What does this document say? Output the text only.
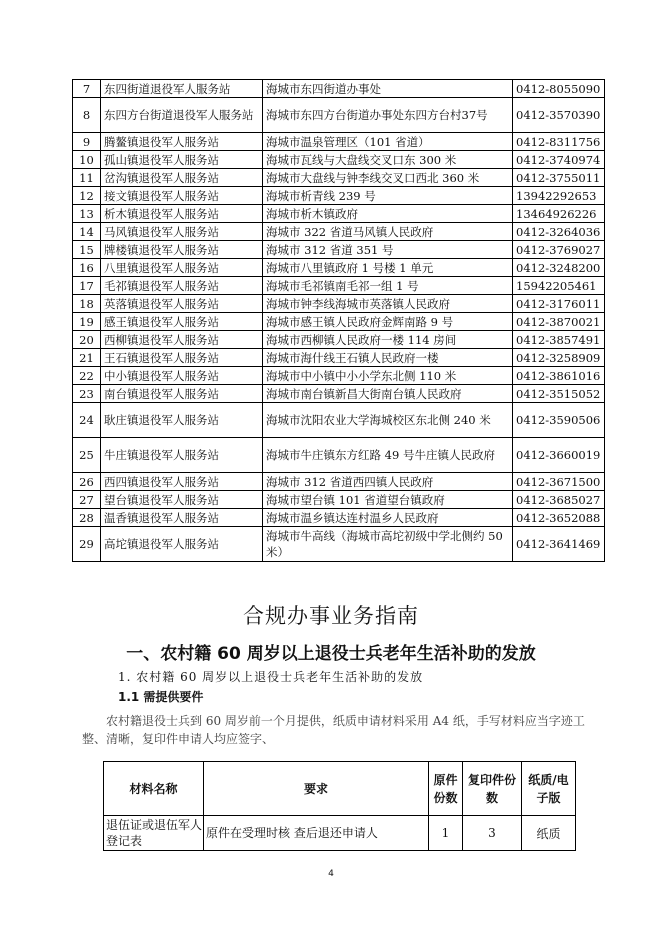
7	东四街道退役军人服务站	海城市东四街道办事处	0412-8055090
8	东四方台街道退役军人服务站	海城市东四方台街道办事处东四方台村37号	0412-3570390
9	腾鳌镇退役军人服务站	海城市温泉管理区（101 省道）	0412-8311756
10	孤山镇退役军人服务站	海城市瓦线与大盘线交叉口东 300 米	0412-3740974
11	岔沟镇退役军人服务站	海城市大盘线与钟李线交叉口西北 360 米	0412-3755011
12	接文镇退役军人服务站	海城市析青线 239 号	13942292653
13	析木镇退役军人服务站	海城市析木镇政府	13464926226
14	马风镇退役军人服务站	海城市 322 省道马风镇人民政府	0412-3264036
15	牌楼镇退役军人服务站	海城市 312 省道 351 号	0412-3769027
16	八里镇退役军人服务站	海城市八里镇政府 1 号楼 1 单元	0412-3248200
17	毛祁镇退役军人服务站	海城市毛祁镇南毛祁一组 1 号	15942205461
18	英落镇退役军人服务站	海城市钟李线海城市英落镇人民政府	0412-3176011
19	感王镇退役军人服务站	海城市感王镇人民政府金辉南路 9 号	0412-3870021
20	西柳镇退役军人服务站	海城市西柳镇人民政府一楼 114 房间	0412-3857491
21	王石镇退役军人服务站	海城市海什线王石镇人民政府一楼	0412-3258909
22	中小镇退役军人服务站	海城市中小镇中小小学东北侧 110 米	0412-3861016
23	南台镇退役军人服务站	海城市南台镇新昌大街南台镇人民政府	0412-3515052
24	耿庄镇退役军人服务站	海城市沈阳农业大学海城校区东北侧 240 米	0412-3590506
25	牛庄镇退役军人服务站	海城市牛庄镇东方红路 49 号牛庄镇人民政府	0412-3660019
26	西四镇退役军人服务站	海城市 312 省道西四镇人民政府	0412-3671500
27	望台镇退役军人服务站	海城市望台镇 101 省道望台镇政府	0412-3685027
28	温香镇退役军人服务站	海城市温乡镇达连村温乡人民政府	0412-3652088
29	高坨镇退役军人服务站	海城市牛高线（海城市高坨初级中学北侧约 50 米）	0412-3641469
合规办事业务指南
一、农村籍 60 周岁以上退役士兵老年生活补助的发放
1. 农村籍 60 周岁以上退役士兵老年生活补助的发放
1.1 需提供要件
农村籍退役士兵到 60 周岁前一个月提供，纸质申请材料采用 A4 纸，手写材料应当字迹工整、清晰，复印件申请人均应签字、
材料名称	要求	原件份数	复印件份数	纸质/电子版
退伍证或退伍军人登记表	原件在受理时核 查后退还申请人	1	3	纸质
4
